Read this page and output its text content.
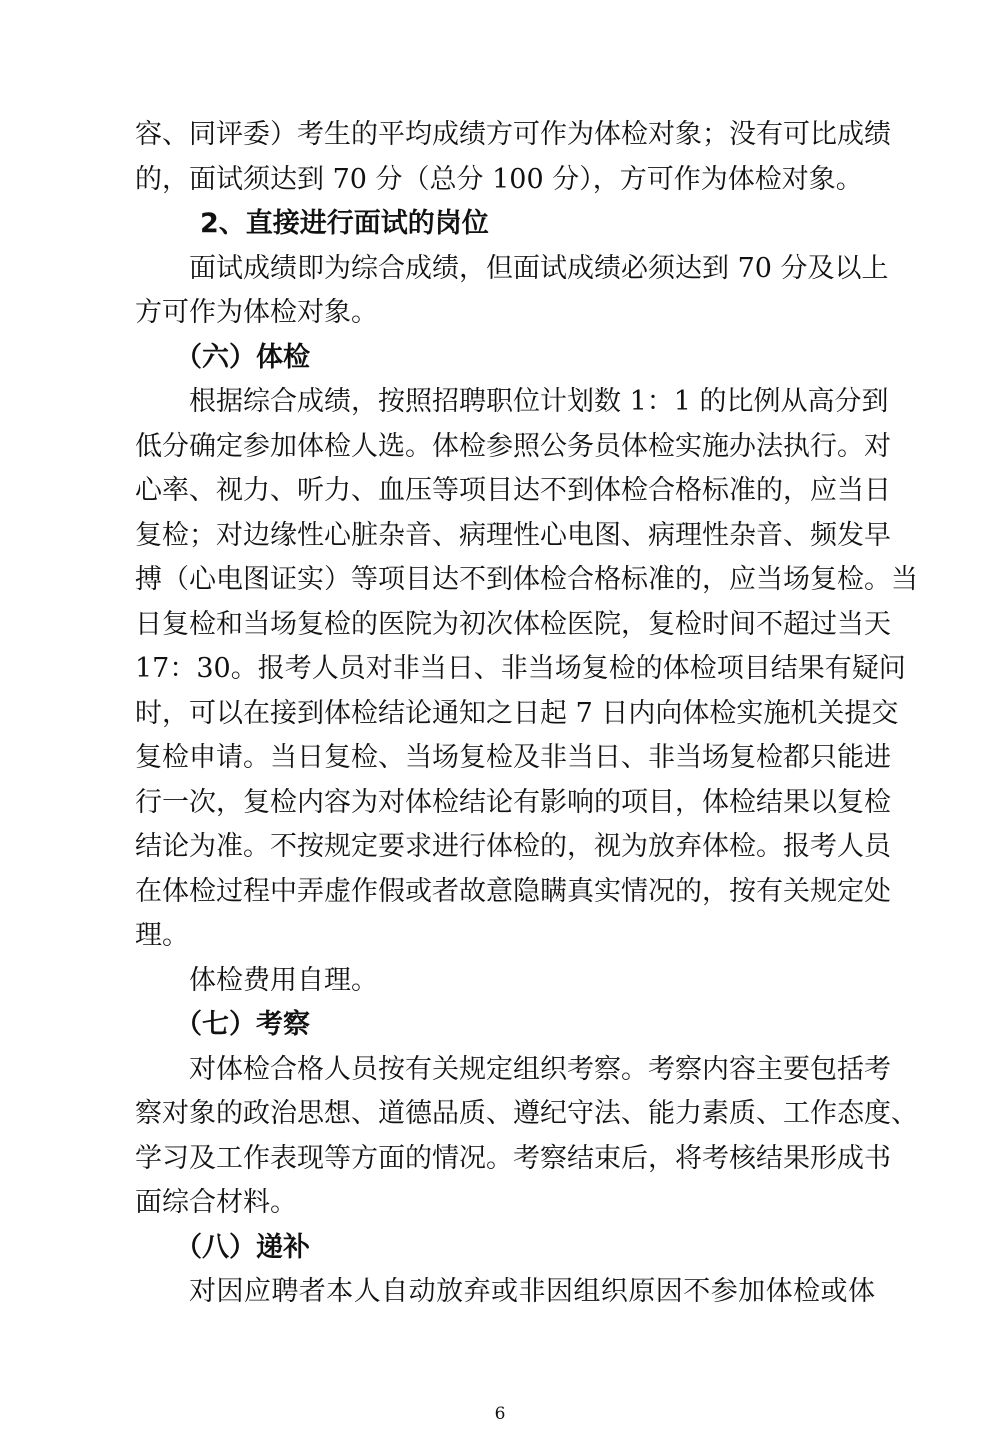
容、同评委）考生的平均成绩方可作为体检对象；没有可比成绩
的，面试须达到 70 分（总分 100 分），方可作为体检对象。
2、直接进行面试的岗位
面试成绩即为综合成绩，但面试成绩必须达到 70 分及以上
方可作为体检对象。
（六）体检
根据综合成绩，按照招聘职位计划数 1：1 的比例从高分到
低分确定参加体检人选。体检参照公务员体检实施办法执行。对
心率、视力、听力、血压等项目达不到体检合格标准的，应当日
复检；对边缘性心脏杂音、病理性心电图、病理性杂音、频发早
搏（心电图证实）等项目达不到体检合格标准的，应当场复检。当
日复检和当场复检的医院为初次体检医院，复检时间不超过当天
17：30。报考人员对非当日、非当场复检的体检项目结果有疑问
时，可以在接到体检结论通知之日起 7 日内向体检实施机关提交
复检申请。当日复检、当场复检及非当日、非当场复检都只能进
行一次，复检内容为对体检结论有影响的项目，体检结果以复检
结论为准。不按规定要求进行体检的，视为放弃体检。报考人员
在体检过程中弄虚作假或者故意隐瞒真实情况的，按有关规定处
理。
体检费用自理。
（七）考察
对体检合格人员按有关规定组织考察。考察内容主要包括考
察对象的政治思想、道德品质、遵纪守法、能力素质、工作态度、
学习及工作表现等方面的情况。考察结束后，将考核结果形成书
面综合材料。
（八）递补
对因应聘者本人自动放弃或非因组织原因不参加体检或体
6
